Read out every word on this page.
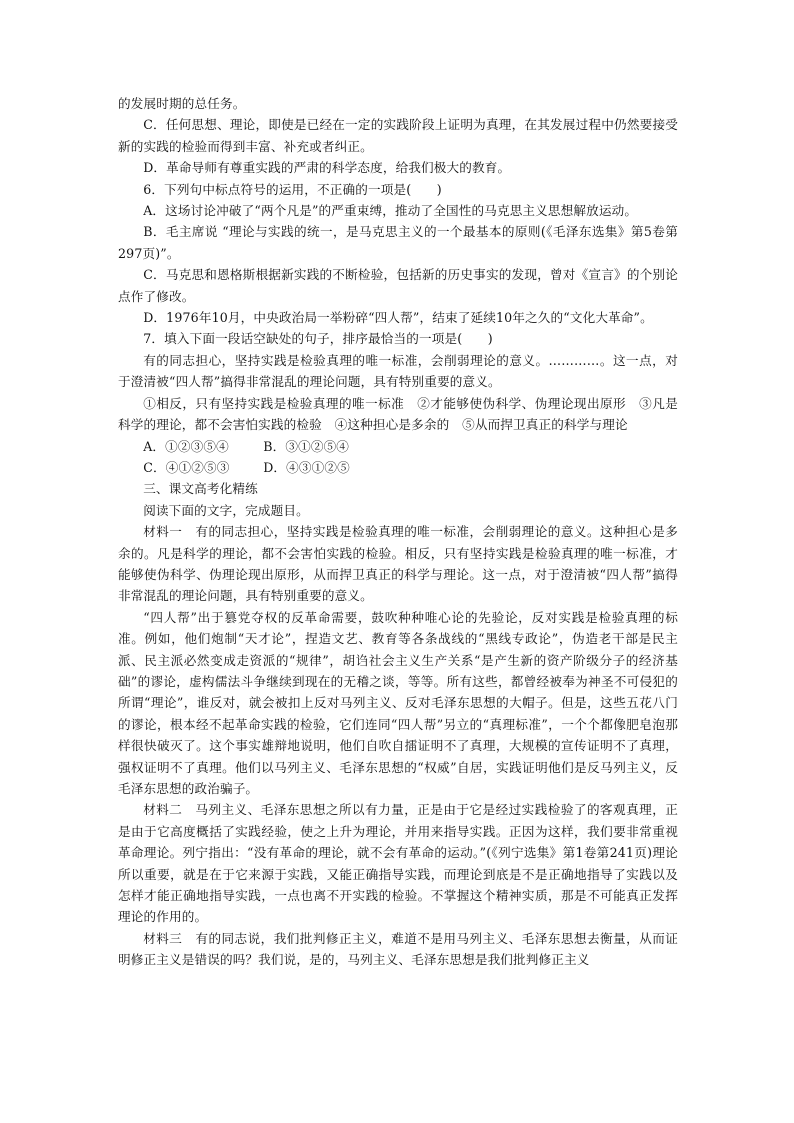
的发展时期的总任务。

C．任何思想、理论，即使是已经在一定的实践阶段上证明为真理，在其发展过程中仍然要接受新的实践的检验而得到丰富、补充或者纠正。

D．革命导师有尊重实践的严肃的科学态度，给我们极大的教育。

6．下列句中标点符号的运用，不正确的一项是(　　)

A．这场讨论冲破了“两个凡是”的严重束缚，推动了全国性的马克思主义思想解放运动。

B．毛主席说 “理论与实践的统一，是马克思主义的一个最基本的原则(《毛泽东选集》第5卷第297页)”。

C．马克思和恩格斯根据新实践的不断检验，包括新的历史事实的发现，曾对《宣言》的个别论点作了修改。

D．1976年10月，中央政治局一举粉碎“四人帮”，结束了延续10年之久的“文化大革命”。

7．填入下面一段话空缺处的句子，排序最恰当的一项是(　　)

有的同志担心，坚持实践是检验真理的唯一标准，会削弱理论的意义。…………。这一点，对于澄清被“四人帮”搞得非常混乱的理论问题，具有特别重要的意义。

①相反，只有坚持实践是检验真理的唯一标准　②才能够使伪科学、伪理论现出原形　③凡是科学的理论，都不会害怕实践的检验　④这种担心是多余的　⑤从而捍卫真正的科学与理论

A．①②③⑤④	B．③①②⑤④
C．④①②⑤③	D．④③①②⑤

三、课文高考化精练

阅读下面的文字，完成题目。

材料一　有的同志担心，坚持实践是检验真理的唯一标准，会削弱理论的意义。这种担心是多余的。凡是科学的理论，都不会害怕实践的检验。相反，只有坚持实践是检验真理的唯一标准，才能够使伪科学、伪理论现出原形，从而捍卫真正的科学与理论。这一点，对于澄清被“四人帮”搞得非常混乱的理论问题，具有特别重要的意义。

“四人帮”出于篡党夺权的反革命需要，鼓吹种种唯心论的先验论，反对实践是检验真理的标准。例如，他们炮制“天才论”，捏造文艺、教育等各条战线的“黑线专政论”，伪造老干部是民主派、民主派必然变成走资派的“规律”，胡诌社会主义生产关系“是产生新的资产阶级分子的经济基础”的谬论，虚构儒法斗争继续到现在的无稽之谈，等等。所有这些，都曾经被奉为神圣不可侵犯的所谓“理论”，谁反对，就会被扣上反对马列主义、反对毛泽东思想的大帽子。但是，这些五花八门的谬论，根本经不起革命实践的检验，它们连同“四人帮”另立的“真理标准”，一个个都像肥皂泡那样很快破灭了。这个事实雄辩地说明，他们自吹自擂证明不了真理，大规模的宣传证明不了真理，强权证明不了真理。他们以马列主义、毛泽东思想的“权威”自居，实践证明他们是反马列主义，反毛泽东思想的政治骗子。

材料二　马列主义、毛泽东思想之所以有力量，正是由于它是经过实践检验了的客观真理，正是由于它高度概括了实践经验，使之上升为理论，并用来指导实践。正因为这样，我们要非常重视革命理论。列宁指出：“没有革命的理论，就不会有革命的运动。”(《列宁选集》第1卷第241页)理论所以重要，就是在于它来源于实践，又能正确指导实践，而理论到底是不是正确地指导了实践以及怎样才能正确地指导实践，一点也离不开实践的检验。不掌握这个精神实质，那是不可能真正发挥理论的作用的。

材料三　有的同志说，我们批判修正主义，难道不是用马列主义、毛泽东思想去衡量，从而证明修正主义是错误的吗？我们说，是的，马列主义、毛泽东思想是我们批判修正主义
